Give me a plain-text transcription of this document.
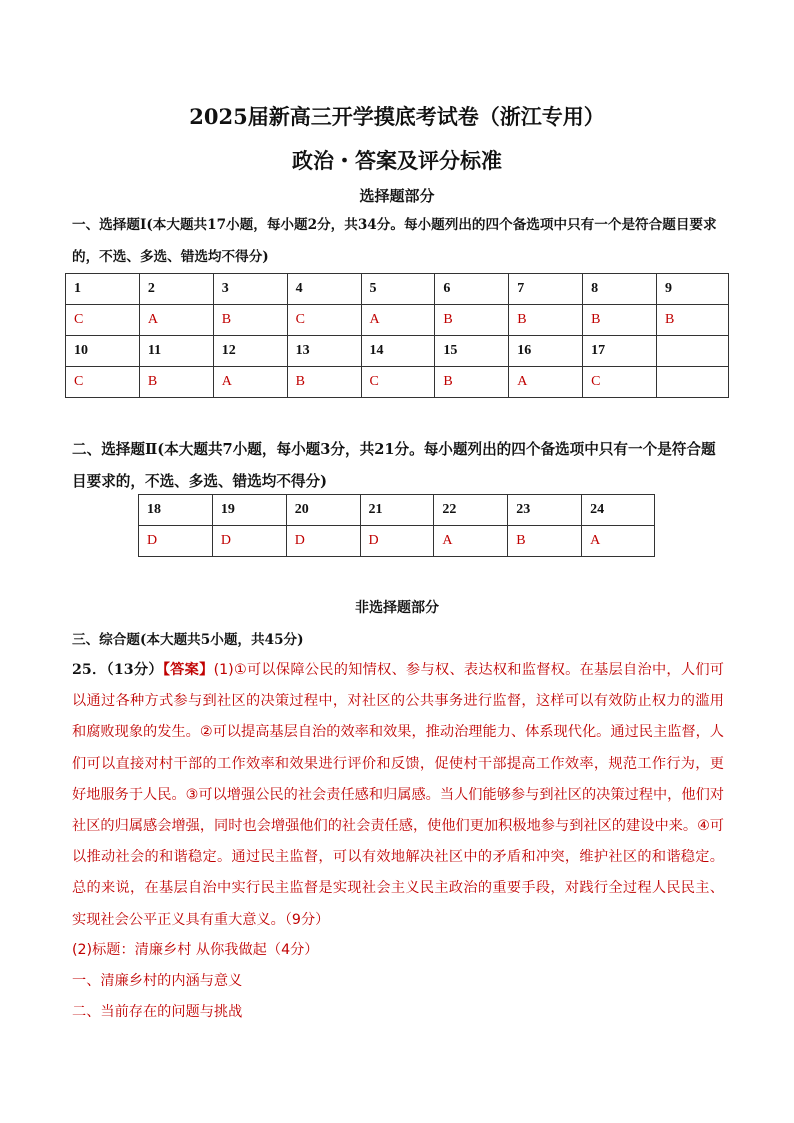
2025届新高三开学摸底考试卷（浙江专用）
政治・答案及评分标准
选择题部分
一、选择题Ⅰ(本大题共17小题，每小题2分，共34分。每小题列出的四个备选项中只有一个是符合题目要求的，不选、多选、错选均不得分)
1	2	3	4	5	6	7	8	9
C	A	B	C	A	B	B	B	B
10	11	12	13	14	15	16	17	
C	B	A	B	C	B	A	C	
二、选择题Ⅱ(本大题共7小题，每小题3分，共21分。每小题列出的四个备选项中只有一个是符合题目要求的，不选、多选、错选均不得分)
18	19	20	21	22	23	24
D	D	D	D	A	B	A
非选择题部分
三、综合题(本大题共5小题，共45分)
25．（13分）【答案】(1)①可以保障公民的知情权、参与权、表达权和监督权。在基层自治中，人们可以通过各种方式参与到社区的决策过程中，对社区的公共事务进行监督，这样可以有效防止权力的滥用和腐败现象的发生。②可以提高基层自治的效率和效果，推动治理能力、体系现代化。通过民主监督，人们可以直接对村干部的工作效率和效果进行评价和反馈，促使村干部提高工作效率，规范工作行为，更好地服务于人民。③可以增强公民的社会责任感和归属感。当人们能够参与到社区的决策过程中，他们对社区的归属感会增强，同时也会增强他们的社会责任感，使他们更加积极地参与到社区的建设中来。④可以推动社会的和谐稳定。通过民主监督，可以有效地解决社区中的矛盾和冲突，维护社区的和谐稳定。总的来说，在基层自治中实行民主监督是实现社会主义民主政治的重要手段，对践行全过程人民民主、实现社会公平正义具有重大意义。（9分）
(2)标题：清廉乡村 从你我做起（4分）
一、清廉乡村的内涵与意义
二、当前存在的问题与挑战
